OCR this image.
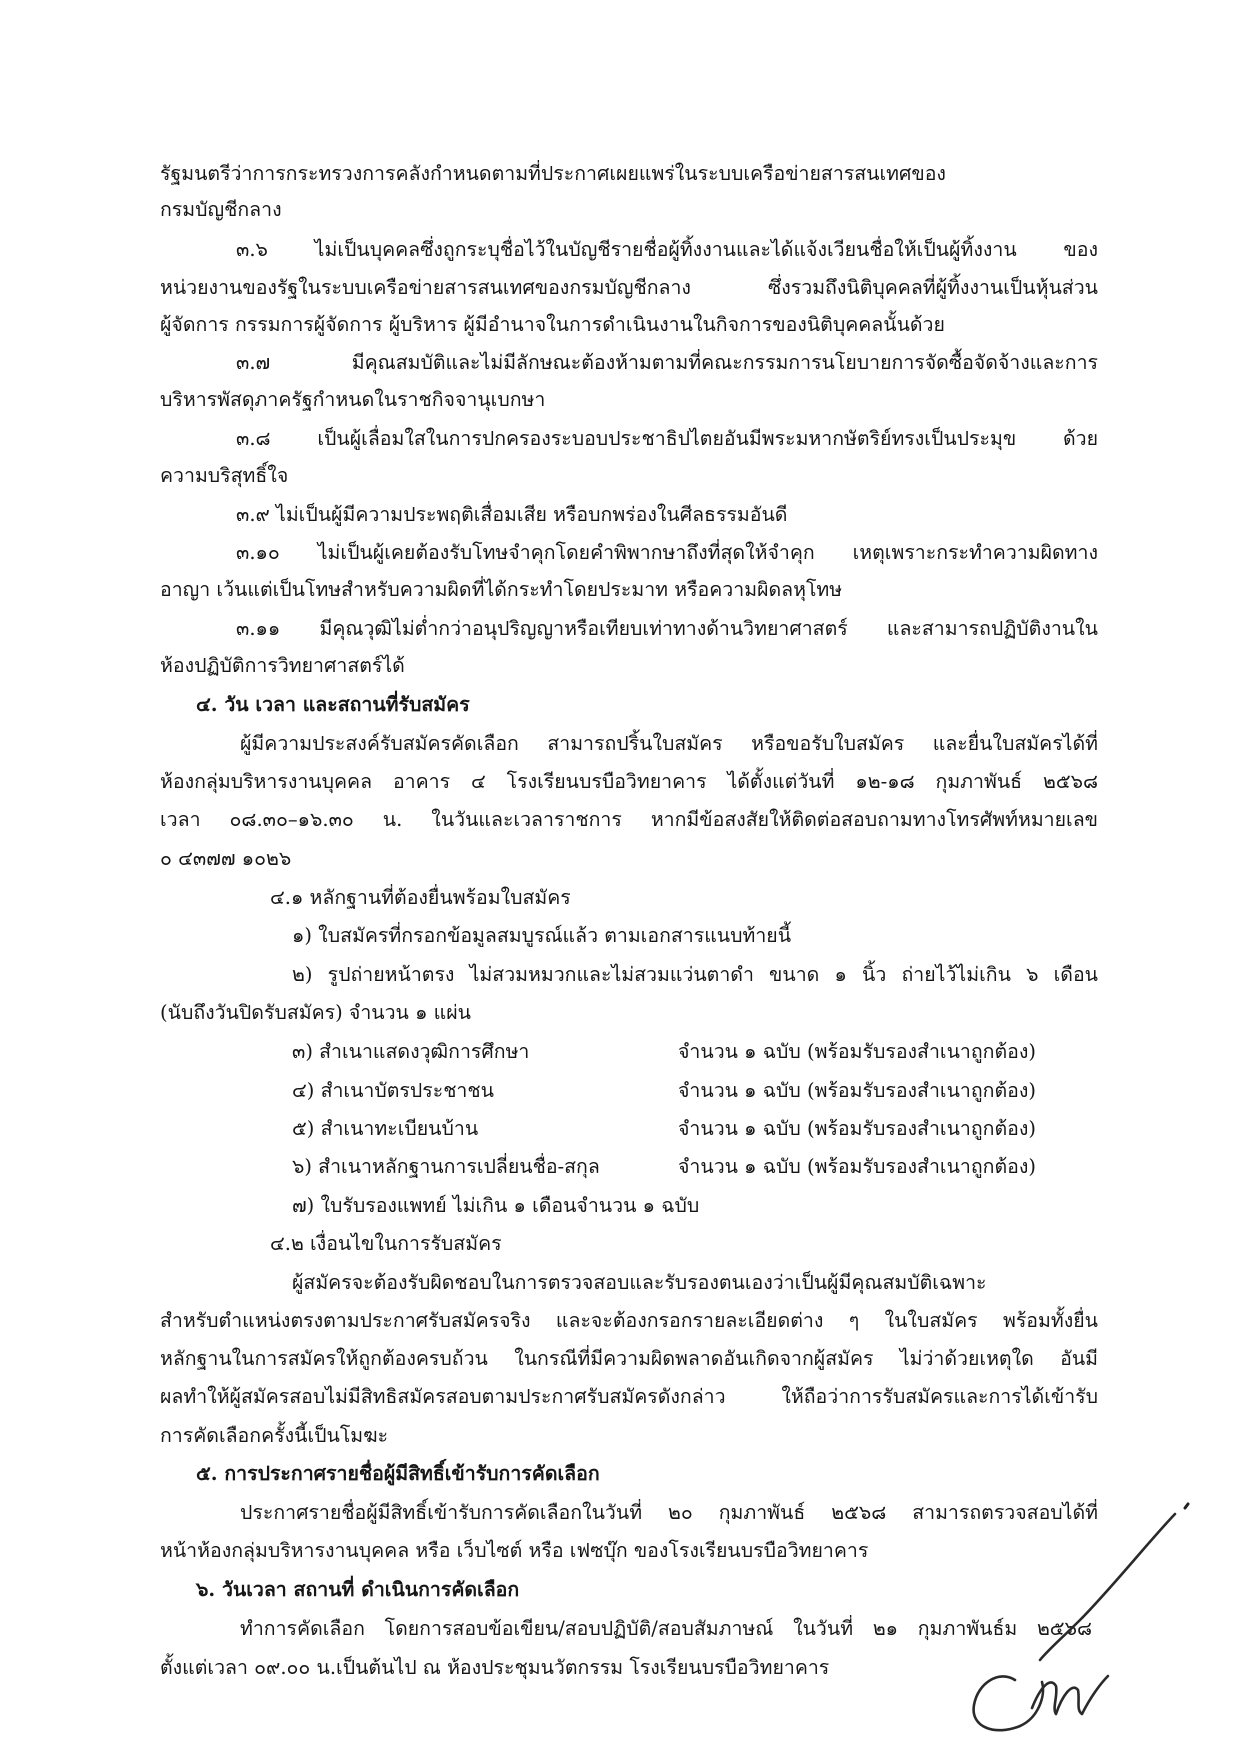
รัฐมนตรีว่าการกระทรวงการคลังกำหนดตามที่ประกาศเผยแพร่ในระบบเครือข่ายสารสนเทศของ
กรมบัญชีกลาง
๓.๖ ไม่เป็นบุคคลซึ่งถูกระบุชื่อไว้ในบัญชีรายชื่อผู้ทิ้งงานและได้แจ้งเวียนชื่อให้เป็นผู้ทิ้งงาน ของ
หน่วยงานของรัฐในระบบเครือข่ายสารสนเทศของกรมบัญชีกลาง ซึ่งรวมถึงนิติบุคคลที่ผู้ทิ้งงานเป็นหุ้นส่วน
ผู้จัดการ กรรมการผู้จัดการ ผู้บริหาร ผู้มีอำนาจในการดำเนินงานในกิจการของนิติบุคคลนั้นด้วย
๓.๗ มีคุณสมบัติและไม่มีลักษณะต้องห้ามตามที่คณะกรรมการนโยบายการจัดซื้อจัดจ้างและการ
บริหารพัสดุภาครัฐกำหนดในราชกิจจานุเบกษา
๓.๘ เป็นผู้เลื่อมใสในการปกครองระบอบประชาธิปไตยอันมีพระมหากษัตริย์ทรงเป็นประมุข ด้วย
ความบริสุทธิ์ใจ
๓.๙ ไม่เป็นผู้มีความประพฤติเสื่อมเสีย หรือบกพร่องในศีลธรรมอันดี
๓.๑๐ ไม่เป็นผู้เคยต้องรับโทษจำคุกโดยคำพิพากษาถึงที่สุดให้จำคุก เหตุเพราะกระทำความผิดทาง
อาญา เว้นแต่เป็นโทษสำหรับความผิดที่ได้กระทำโดยประมาท หรือความผิดลหุโทษ
๓.๑๑ มีคุณวุฒิไม่ต่ำกว่าอนุปริญญาหรือเทียบเท่าทางด้านวิทยาศาสตร์ และสามารถปฏิบัติงานใน
ห้องปฏิบัติการวิทยาศาสตร์ได้
๔. วัน เวลา และสถานที่รับสมัคร
ผู้มีความประสงค์รับสมัครคัดเลือก สามารถปริ้นใบสมัคร หรือขอรับใบสมัคร และยื่นใบสมัครได้ที่
ห้องกลุ่มบริหารงานบุคคล อาคาร ๔ โรงเรียนบรบือวิทยาคาร ได้ตั้งแต่วันที่ ๑๒-๑๘ กุมภาพันธ์ ๒๕๖๘
เวลา ๐๘.๓๐–๑๖.๓๐ น. ในวันและเวลาราชการ หากมีข้อสงสัยให้ติดต่อสอบถามทางโทรศัพท์หมายเลข
๐ ๔๓๗๗ ๑๐๒๖
๔.๑ หลักฐานที่ต้องยื่นพร้อมใบสมัคร
๑) ใบสมัครที่กรอกข้อมูลสมบูรณ์แล้ว ตามเอกสารแนบท้ายนี้
๒) รูปถ่ายหน้าตรง ไม่สวมหมวกและไม่สวมแว่นตาดำ ขนาด ๑ นิ้ว ถ่ายไว้ไม่เกิน ๖ เดือน
(นับถึงวันปิดรับสมัคร) จำนวน ๑ แผ่น
๓) สำเนาแสดงวุฒิการศึกษา	จำนวน ๑ ฉบับ (พร้อมรับรองสำเนาถูกต้อง)
๔) สำเนาบัตรประชาชน	จำนวน ๑ ฉบับ (พร้อมรับรองสำเนาถูกต้อง)
๕) สำเนาทะเบียนบ้าน	จำนวน ๑ ฉบับ (พร้อมรับรองสำเนาถูกต้อง)
๖) สำเนาหลักฐานการเปลี่ยนชื่อ-สกุล	จำนวน ๑ ฉบับ (พร้อมรับรองสำเนาถูกต้อง)
๗) ใบรับรองแพทย์ ไม่เกิน ๑ เดือนจำนวน ๑ ฉบับ
๔.๒ เงื่อนไขในการรับสมัคร
ผู้สมัครจะต้องรับผิดชอบในการตรวจสอบและรับรองตนเองว่าเป็นผู้มีคุณสมบัติเฉพาะ
สำหรับตำแหน่งตรงตามประกาศรับสมัครจริง และจะต้องกรอกรายละเอียดต่าง ๆ ในใบสมัคร พร้อมทั้งยื่น
หลักฐานในการสมัครให้ถูกต้องครบถ้วน ในกรณีที่มีความผิดพลาดอันเกิดจากผู้สมัคร ไม่ว่าด้วยเหตุใด อันมี
ผลทำให้ผู้สมัครสอบไม่มีสิทธิสมัครสอบตามประกาศรับสมัครดังกล่าว ให้ถือว่าการรับสมัครและการได้เข้ารับ
การคัดเลือกครั้งนี้เป็นโมฆะ
๕. การประกาศรายชื่อผู้มีสิทธิ์เข้ารับการคัดเลือก
ประกาศรายชื่อผู้มีสิทธิ์เข้ารับการคัดเลือกในวันที่ ๒๐ กุมภาพันธ์ ๒๕๖๘ สามารถตรวจสอบได้ที่
หน้าห้องกลุ่มบริหารงานบุคคล หรือ เว็บไซต์ หรือ เฟซบุ๊ก ของโรงเรียนบรบือวิทยาคาร
๖. วันเวลา สถานที่ ดำเนินการคัดเลือก
ทำการคัดเลือก โดยการสอบข้อเขียน/สอบปฏิบัติ/สอบสัมภาษณ์ ในวันที่ ๒๑ กุมภาพันธ์ม ๒๕๖๘
ตั้งแต่เวลา ๐๙.๐๐ น.เป็นต้นไป ณ ห้องประชุมนวัตกรรม โรงเรียนบรบือวิทยาคาร
